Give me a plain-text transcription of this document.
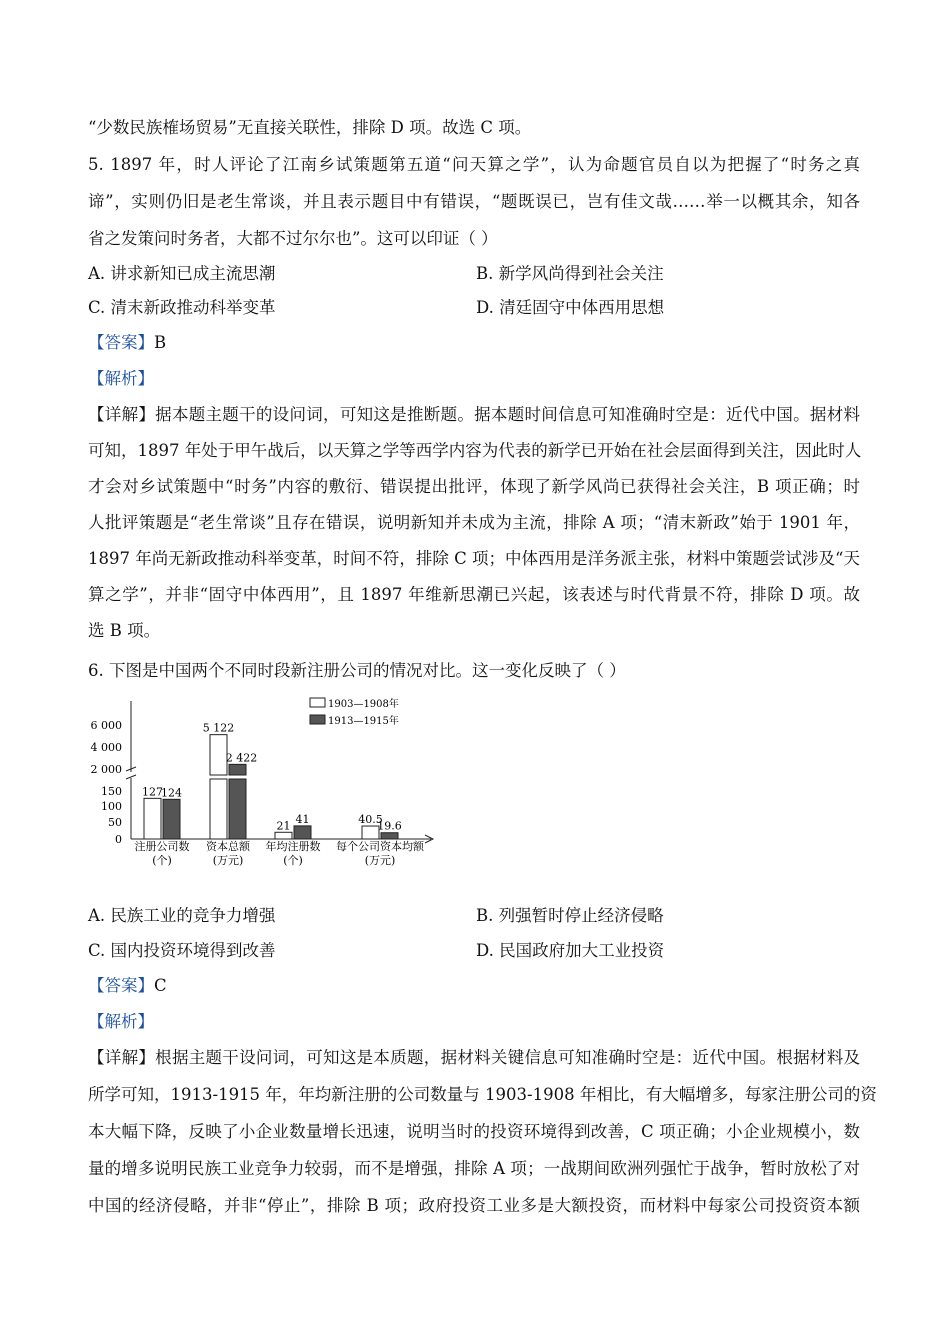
“少数民族榷场贸易”无直接关联性，排除 D 项。故选 C 项。
5. 1897 年，时人评论了江南乡试策题第五道“问天算之学”，认为命题官员自以为把握了“时务之真
谛”，实则仍旧是老生常谈，并且表示题目中有错误，“题既误已，岂有佳文哉……举一以概其余，知各
省之发策问时务者，大都不过尔尔也”。这可以印证（ ）
A. 讲求新知已成主流思潮	B. 新学风尚得到社会关注
C. 清末新政推动科举变革	D. 清廷固守中体西用思想
【答案】B
【解析】
【详解】据本题主题干的设问词，可知这是推断题。据本题时间信息可知准确时空是：近代中国。据材料
可知，1897 年处于甲午战后，以天算之学等西学内容为代表的新学已开始在社会层面得到关注，因此时人
才会对乡试策题中“时务”内容的敷衍、错误提出批评，体现了新学风尚已获得社会关注，B 项正确；时
人批评策题是“老生常谈”且存在错误，说明新知并未成为主流，排除 A 项；“清末新政”始于 1901 年，
1897 年尚无新政推动科举变革，时间不符，排除 C 项；中体西用是洋务派主张，材料中策题尝试涉及“天
算之学”，并非“固守中体西用”，且 1897 年维新思潮已兴起，该表述与时代背景不符，排除 D 项。故
选 B 项。
6. 下图是中国两个不同时段新注册公司的情况对比。这一变化反映了（ ）
1903—1908年
1913—1915年
6 000
4 000
2 000
150
100
50
0
注册公司数
(个)
资本总额
(万元)
年均注册数
(个)
每个公司资本均额
(万元)
127
5 122
21	40.5
124
2 422
41
19.6
A. 民族工业的竞争力增强	B. 列强暂时停止经济侵略
C. 国内投资环境得到改善	D. 民国政府加大工业投资
【答案】C
【解析】
【详解】根据主题干设问词，可知这是本质题，据材料关键信息可知准确时空是：近代中国。根据材料及
所学可知，1913-1915 年，年均新注册的公司数量与 1903-1908 年相比，有大幅增多，每家注册公司的资
本大幅下降，反映了小企业数量增长迅速，说明当时的投资环境得到改善，C 项正确；小企业规模小，数
量的增多说明民族工业竞争力较弱，而不是增强，排除 A 项；一战期间欧洲列强忙于战争，暂时放松了对
中国的经济侵略，并非“停止”，排除 B 项；政府投资工业多是大额投资，而材料中每家公司投资资本额
